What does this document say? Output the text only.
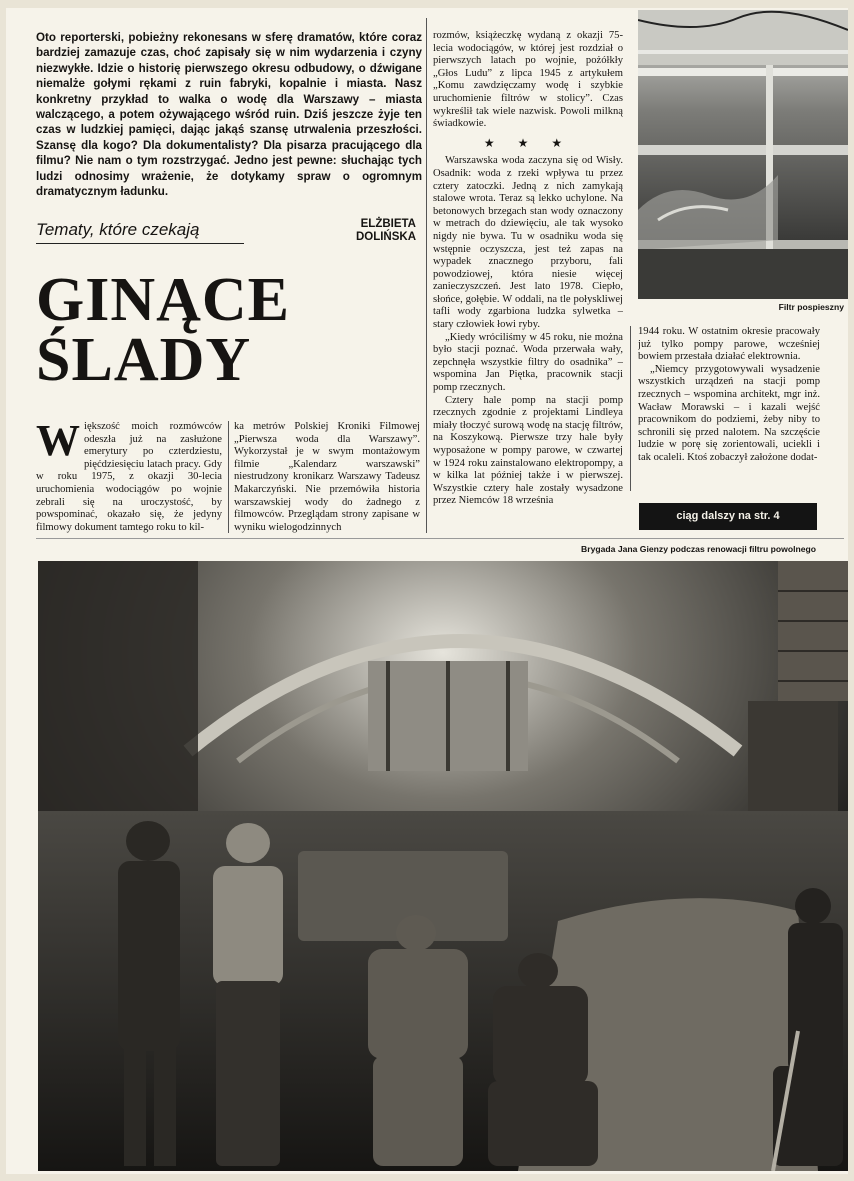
Oto reporterski, pobieżny rekonesans w sferę dramatów, które coraz bardziej zamazuje czas, choć zapisały się w nim wydarzenia i czyny niezwykłe. Idzie o historię pierwszego okresu odbudowy, o dźwigane niemalże gołymi rękami z ruin fabryki, kopalnie i miasta. Nasz konkretny przykład to walka o wodę dla Warszawy – miasta walczącego, a potem ożywającego wśród ruin. Dziś jeszcze żyje ten czas w ludzkiej pamięci, dając jakąś szansę utrwalenia przeszłości. Szansę dla kogo? Dla dokumentalisty? Dla pisarza pracującego dla filmu? Nie nam o tym rozstrzygać. Jedno jest pewne: słuchając tych ludzi odnosimy wrażenie, że dotykamy spraw o ogromnym dramatycznym ładunku.
Tematy, które czekają	ELŻBIETA
DOLIŃSKA
GINĄCE
ŚLADY
W iększość moich rozmówców odeszła już na zasłużone emerytury po czterdziestu, pięćdziesięciu latach pracy. Gdy w roku 1975, z okazji 30-lecia uruchomienia wodociągów po wojnie zebrali się na uroczystość, by powspominać, okazało się, że jedyny filmowy dokument tamtego roku to kil-
ka metrów Polskiej Kroniki Filmowej „Pierwsza woda dla Warszawy”. Wykorzystał je w swym montażowym filmie „Kalendarz warszawski” niestrudzony kronikarz Warszawy Tadeusz Makarczyński. Nie przemówiła historia warszawskiej wody do żadnego z filmowców. Przeglądam strony zapisane w wyniku wielogodzinnych

rozmów, książeczkę wydaną z okazji 75-lecia wodociągów, w której jest rozdział o pierwszych latach po wojnie, pożółkły „Głos Ludu” z lipca 1945 z artykułem „Komu zawdzięczamy wodę i szybkie uruchomienie filtrów w stolicy”. Czas wykreślił tak wiele nazwisk. Powoli milkną świadkowie.

★ ★ ★

Warszawska woda zaczyna się od Wisły. Osadnik: woda z rzeki wpływa tu przez cztery zatoczki. Jedną z nich zamykają stalowe wrota. Teraz są lekko uchylone. Na betonowych brzegach stan wody oznaczony w metrach do dziewięciu, ale tak wysoko nigdy nie bywa. Tu w osadniku woda się wstępnie oczyszcza, jest też zapas na wypadek znacznego przyboru, fali powodziowej, która niesie więcej zanieczyszczeń. Jest lato 1978. Ciepło, słońce, gołębie. W oddali, na tle połyskliwej tafli wody zgarbiona ludzka sylwetka – stary człowiek łowi ryby.

„Kiedy wróciliśmy w 45 roku, nie można było stacji poznać. Woda przerwała wały, zepchnęła wszystkie filtry do osadnika” – wspomina Jan Piętka, pracownik stacji pomp rzecznych.

Cztery hale pomp na stacji pomp rzecznych zgodnie z projektami Lindleya miały tłoczyć surową wodę na stację filtrów, na Koszykową. Pierwsze trzy hale były wyposażone w pompy parowe, w czwartej w 1924 roku zainstalowano elektropompy, a w kilka lat później także i w pierwszej. Wszystkie cztery hale zostały wysadzone przez Niemców 18 września

Filtr pospieszny

1944 roku. W ostatnim okresie pracowały już tylko pompy parowe, wcześniej bowiem przestała działać elektrownia.

„Niemcy przygotowywali wysadzenie wszystkich urządzeń na stacji pomp rzecznych – wspomina architekt, mgr inż. Wacław Morawski – i kazali wejść pracownikom do podziemi, żeby niby to schronili się przed nalotem. Na szczęście ludzie w porę się zorientowali, uciekli i tak ocaleli. Ktoś zobaczył założone dodat-

ciąg dalszy na str. 4
Brygada Jana Gienzy podczas renowacji filtru powolnego
